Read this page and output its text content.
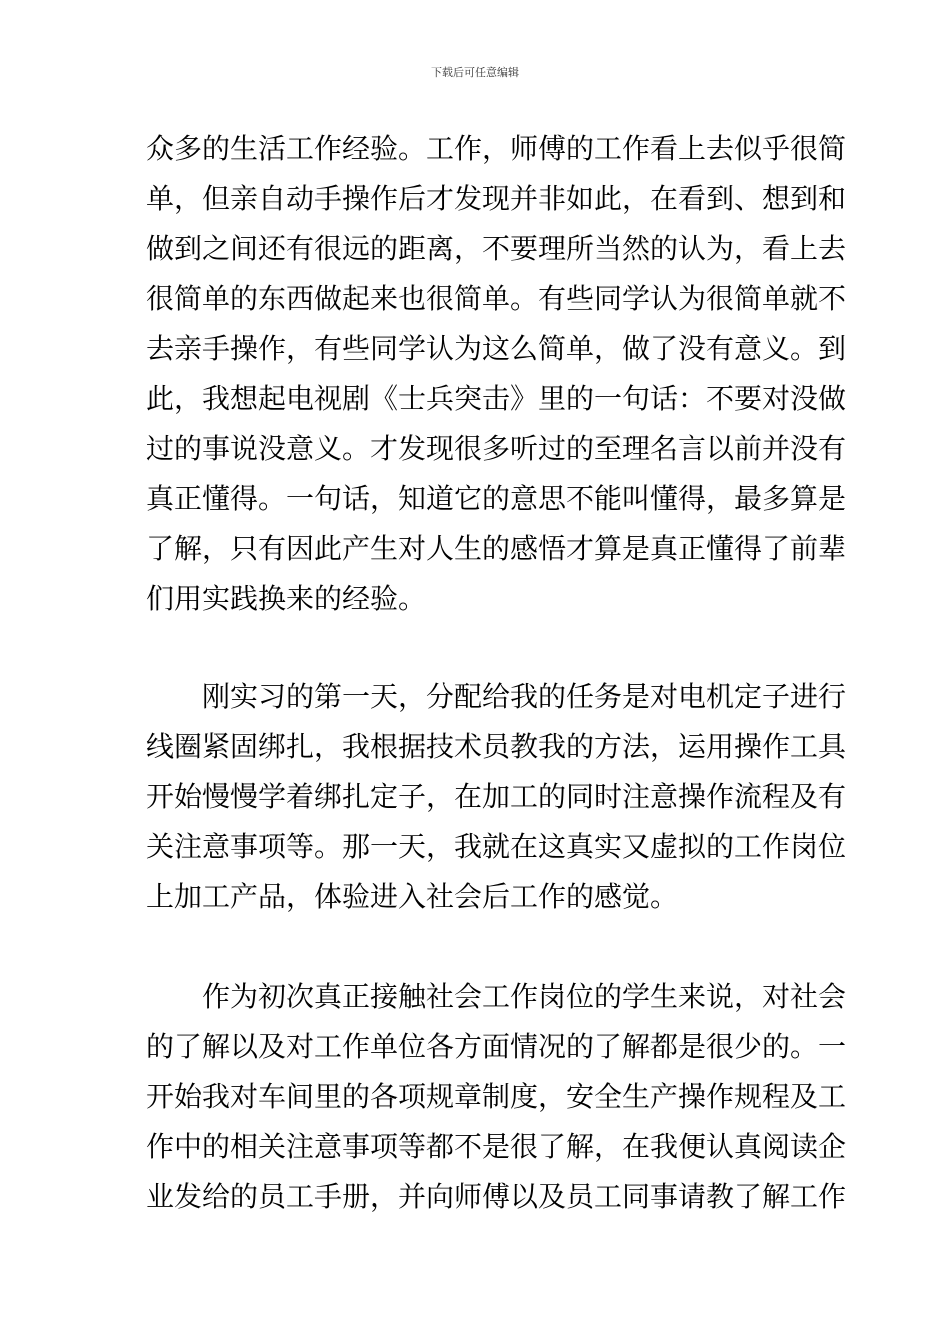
下载后可任意编辑
众多的生活工作经验。工作，师傅的工作看上去似乎很简
单，但亲自动手操作后才发现并非如此，在看到、想到和
做到之间还有很远的距离，不要理所当然的认为，看上去
很简单的东西做起来也很简单。有些同学认为很简单就不
去亲手操作，有些同学认为这么简单，做了没有意义。到
此，我想起电视剧《士兵突击》里的一句话：不要对没做
过的事说没意义。才发现很多听过的至理名言以前并没有
真正懂得。一句话，知道它的意思不能叫懂得，最多算是
了解，只有因此产生对人生的感悟才算是真正懂得了前辈
们用实践换来的经验。
刚实习的第一天，分配给我的任务是对电机定子进行
线圈紧固绑扎，我根据技术员教我的方法，运用操作工具
开始慢慢学着绑扎定子，在加工的同时注意操作流程及有
关注意事项等。那一天，我就在这真实又虚拟的工作岗位
上加工产品，体验进入社会后工作的感觉。
作为初次真正接触社会工作岗位的学生来说，对社会
的了解以及对工作单位各方面情况的了解都是很少的。一
开始我对车间里的各项规章制度，安全生产操作规程及工
作中的相关注意事项等都不是很了解，在我便认真阅读企
业发给的员工手册，并向师傅以及员工同事请教了解工作
